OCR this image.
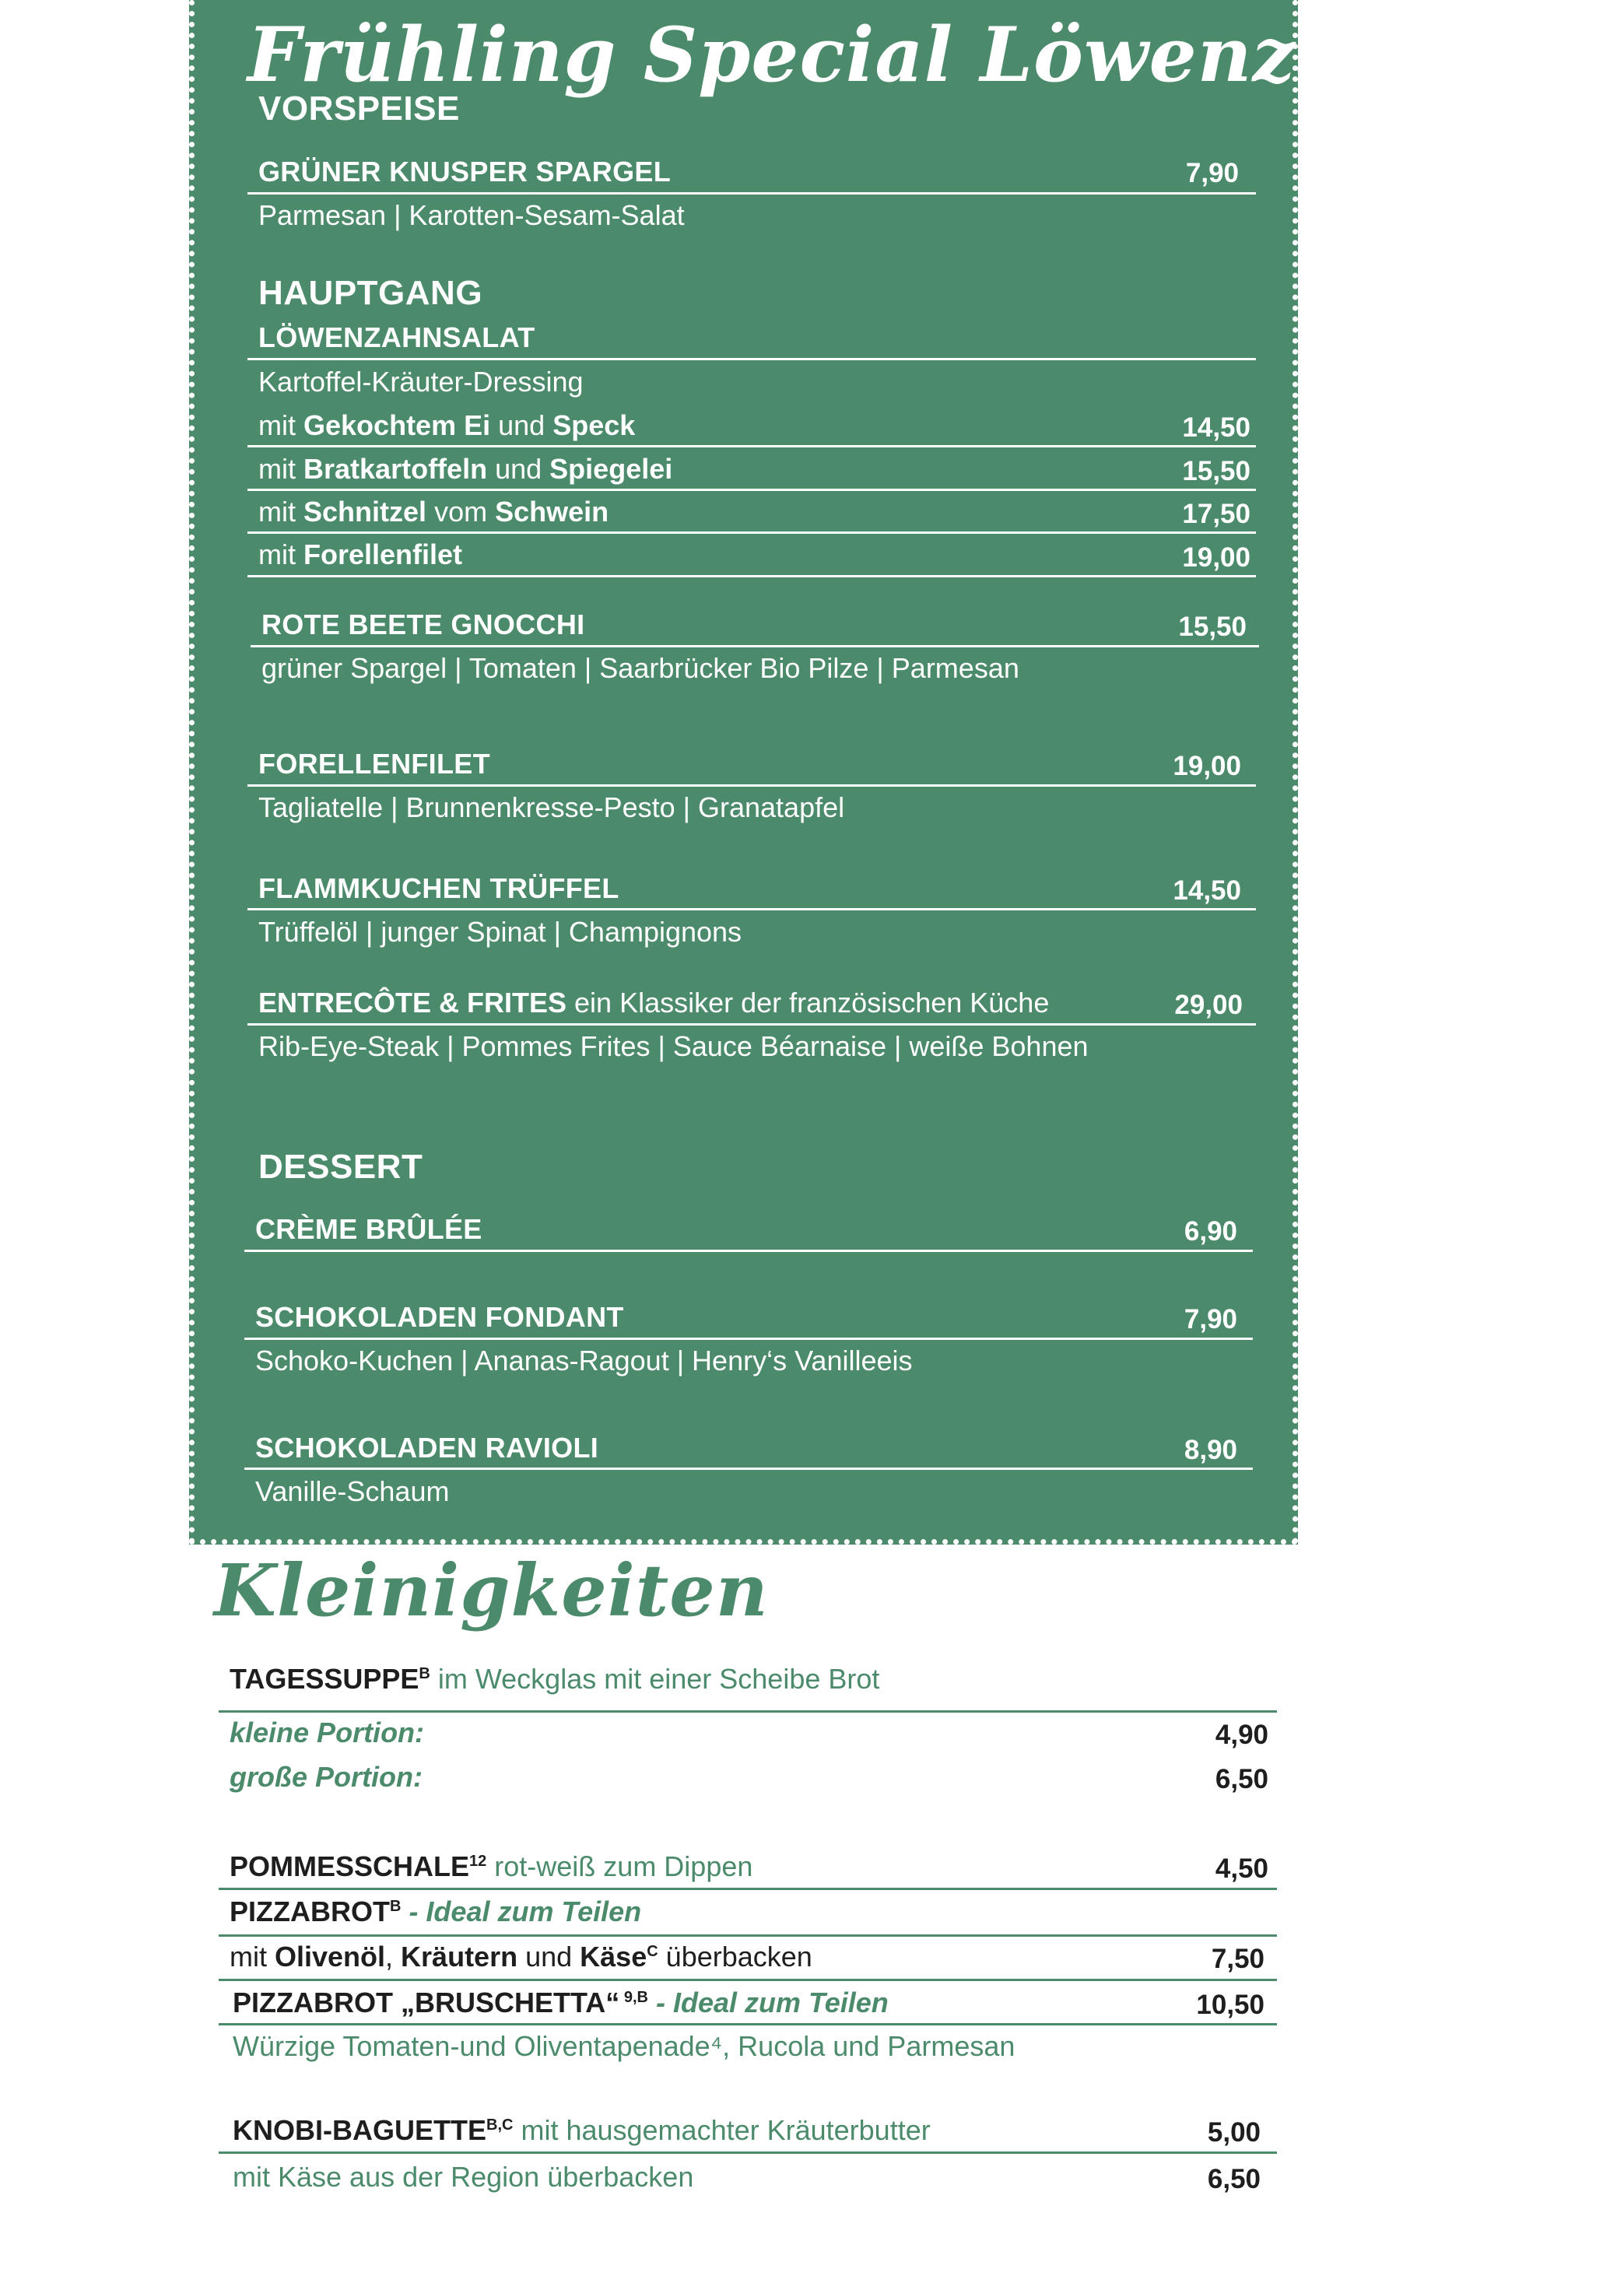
Frühling Special Löwenzahn
VORSPEISE
GRÜNER KNUSPER SPARGEL	7,90
Parmesan | Karotten-Sesam-Salat
HAUPTGANG
LÖWENZAHNSALAT
Kartoffel-Kräuter-Dressing
mit Gekochtem Ei und Speck	14,50
mit Bratkartoffeln und Spiegelei	15,50
mit Schnitzel vom Schwein	17,50
mit Forellenfilet	19,00
ROTE BEETE GNOCCHI	15,50
grüner Spargel | Tomaten | Saarbrücker Bio Pilze | Parmesan
FORELLENFILET	19,00
Tagliatelle | Brunnenkresse-Pesto | Granatapfel
FLAMMKUCHEN TRÜFFEL	14,50
Trüffelöl | junger Spinat | Champignons
ENTRECÔTE & FRITES ein Klassiker der französischen Küche	29,00
Rib-Eye-Steak | Pommes Frites | Sauce Béarnaise | weiße Bohnen
DESSERT
CRÈME BRÛLÉE	6,90
SCHOKOLADEN FONDANT	7,90
Schoko-Kuchen | Ananas-Ragout | Henry‘s Vanilleeis
SCHOKOLADEN RAVIOLI	8,90
Vanille-Schaum
Kleinigkeiten
$TAGESSUPPE^B$ im Weckglas mit einer Scheibe Brot
kleine Portion:	4,90
große Portion:	6,50
POMMESSCHALE$^{12}$ rot-weiß zum Dippen	4,50
$PIZZABROT^B$ - Ideal zum Teilen
mit Olivenöl, Kräutern und Käse$^C$ überbacken	7,50
PIZZABROT „BRUSCHETTA“ $^{9,B}$ - Ideal zum Teilen	10,50
Würzige Tomaten-und Oliventapenade⁴, Rucola und Parmesan
KNOBI-$BAGUETTE^{B,C}$ mit hausgemachter Kräuterbutter	5,00
mit Käse aus der Region überbacken	6,50
